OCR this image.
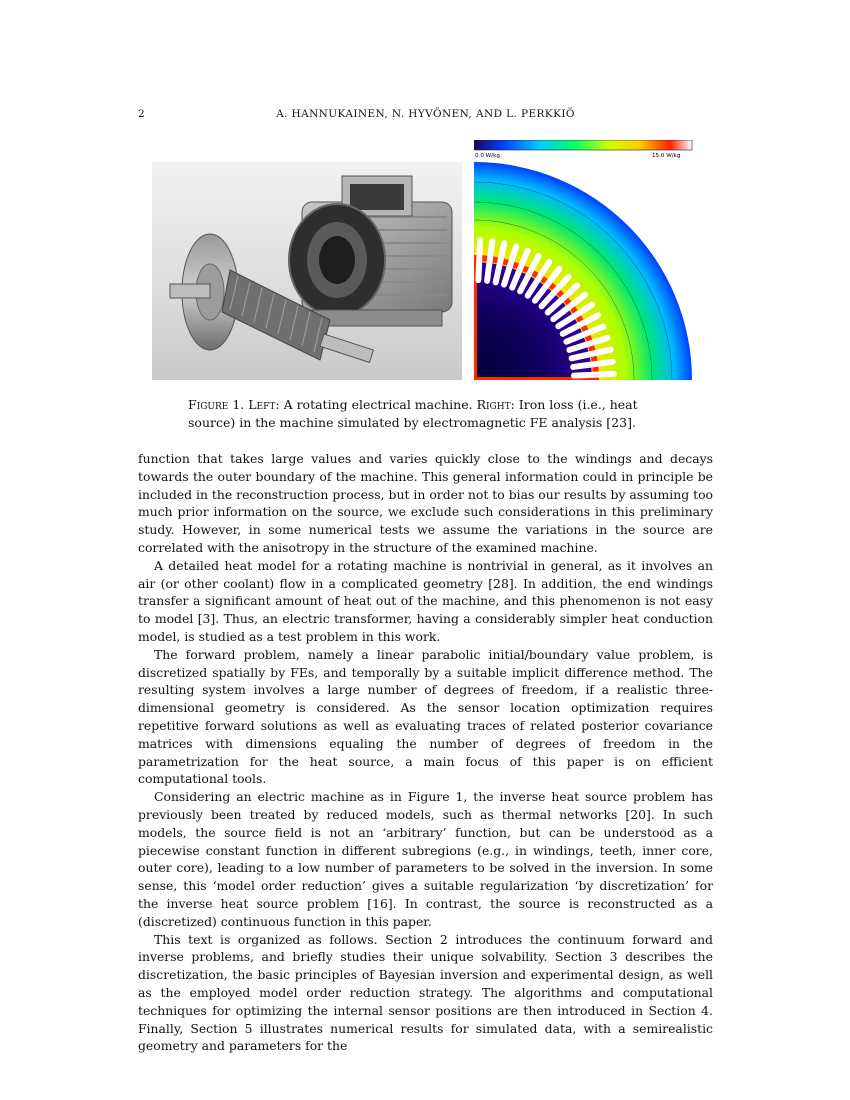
2	A. HANNUKAINEN, N. HYVÖNEN, AND L. PERKKIÖ
0.0 W/kg	15.0 W/kg
Figure 1. Left: A rotating electrical machine. Right: Iron loss (i.e., heat source) in the machine simulated by electromagnetic FE analysis [23].

function that takes large values and varies quickly close to the windings and decays towards the outer boundary of the machine. This general information could in principle be included in the reconstruction process, but in order not to bias our results by assuming too much prior information on the source, we exclude such considerations in this preliminary study. However, in some numerical tests we assume the variations in the source are correlated with the anisotropy in the structure of the examined machine.

A detailed heat model for a rotating machine is nontrivial in general, as it involves an air (or other coolant) flow in a complicated geometry [28]. In addition, the end windings transfer a significant amount of heat out of the machine, and this phenomenon is not easy to model [3]. Thus, an electric transformer, having a considerably simpler heat conduction model, is studied as a test problem in this work.

The forward problem, namely a linear parabolic initial/boundary value problem, is discretized spatially by FEs, and temporally by a suitable implicit difference method. The resulting system involves a large number of degrees of freedom, if a realistic three-dimensional geometry is considered. As the sensor location optimization requires repetitive forward solutions as well as evaluating traces of related posterior covariance matrices with dimensions equaling the number of degrees of freedom in the parametrization for the heat source, a main focus of this paper is on efficient computational tools.

Considering an electric machine as in Figure 1, the inverse heat source problem has previously been treated by reduced models, such as thermal networks [20]. In such models, the source field is not an ‘arbitrary’ function, but can be understood as a piecewise constant function in different subregions (e.g., in windings, teeth, inner core, outer core), leading to a low number of parameters to be solved in the inversion. In some sense, this ‘model order reduction’ gives a suitable regularization ‘by discretization’ for the inverse heat source problem [16]. In contrast, the source is reconstructed as a (discretized) continuous function in this paper.

This text is organized as follows. Section 2 introduces the continuum forward and inverse problems, and briefly studies their unique solvability. Section 3 describes the discretization, the basic principles of Bayesian inversion and experimental design, as well as the employed model order reduction strategy. The algorithms and computational techniques for optimizing the internal sensor positions are then introduced in Section 4. Finally, Section 5 illustrates numerical results for simulated data, with a semirealistic geometry and parameters for the
